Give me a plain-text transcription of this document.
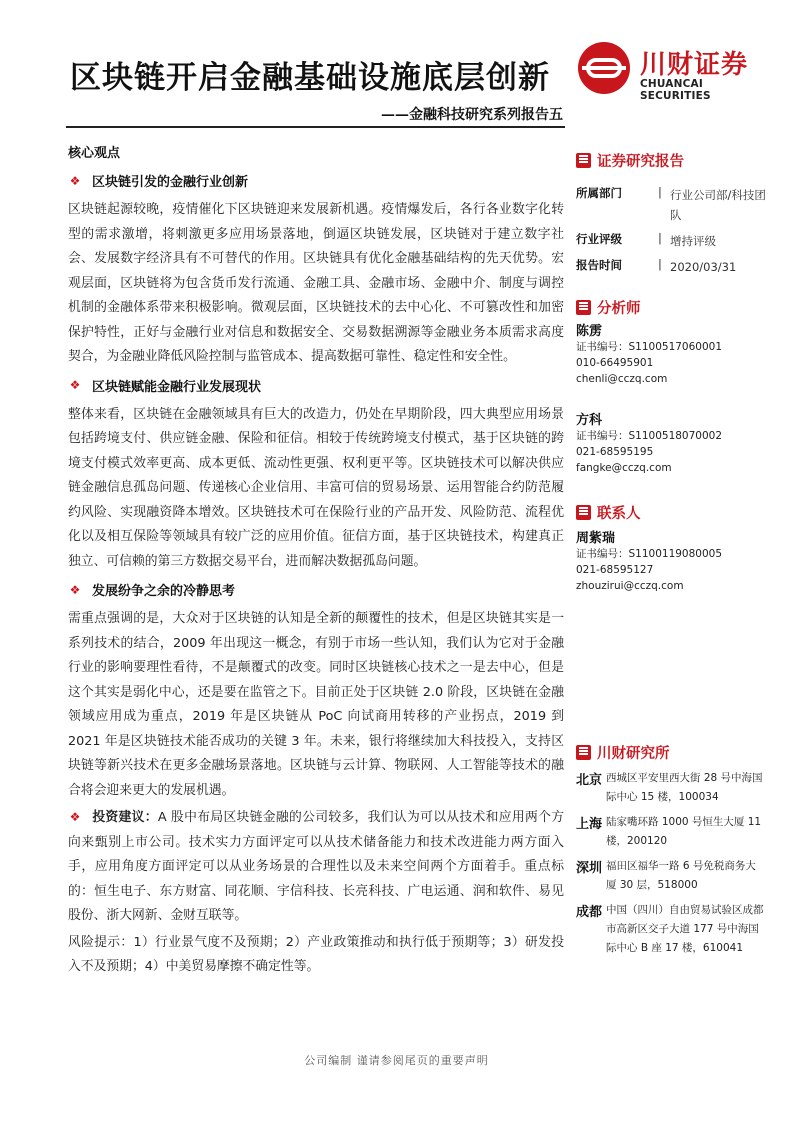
区块链开启金融基础设施底层创新
——金融科技研究系列报告五
川财证券
CHUANCAI SECURITIES
核心观点
❖ 区块链引发的金融行业创新

区块链起源较晚，疫情催化下区块链迎来发展新机遇。疫情爆发后，各行各业数字化转型的需求激增，将刺激更多应用场景落地，倒逼区块链发展，区块链对于建立数字社会、发展数字经济具有不可替代的作用。区块链具有优化金融基础结构的先天优势。宏观层面，区块链将为包含货币发行流通、金融工具、金融市场、金融中介、制度与调控机制的金融体系带来积极影响。微观层面，区块链技术的去中心化、不可篡改性和加密保护特性，正好与金融行业对信息和数据安全、交易数据溯源等金融业务本质需求高度契合，为金融业降低风险控制与监管成本、提高数据可靠性、稳定性和安全性。

❖ 区块链赋能金融行业发展现状

整体来看，区块链在金融领域具有巨大的改造力，仍处在早期阶段，四大典型应用场景包括跨境支付、供应链金融、保险和征信。相较于传统跨境支付模式，基于区块链的跨境支付模式效率更高、成本更低、流动性更强、权利更平等。区块链技术可以解决供应链金融信息孤岛问题、传递核心企业信用、丰富可信的贸易场景、运用智能合约防范履约风险、实现融资降本增效。区块链技术可在保险行业的产品开发、风险防范、流程优化以及相互保险等领域具有较广泛的应用价值。征信方面，基于区块链技术，构建真正独立、可信赖的第三方数据交易平台，进而解决数据孤岛问题。

❖ 发展纷争之余的冷静思考

需重点强调的是，大众对于区块链的认知是全新的颠覆性的技术，但是区块链其实是一系列技术的结合，2009 年出现这一概念，有别于市场一些认知，我们认为它对于金融行业的影响要理性看待，不是颠覆式的改变。同时区块链核心技术之一是去中心，但是这个其实是弱化中心，还是要在监管之下。目前正处于区块链 2.0 阶段，区块链在金融领域应用成为重点，2019 年是区块链从 PoC 向试商用转移的产业拐点，2019 到 2021 年是区块链技术能否成功的关键 3 年。未来，银行将继续加大科技投入，支持区块链等新兴技术在更多金融场景落地。区块链与云计算、物联网、人工智能等技术的融合将会迎来更大的发展机遇。

❖ 投资建议：A 股中布局区块链金融的公司较多，我们认为可以从技术和应用两个方向来甄别上市公司。技术实力方面评定可以从技术储备能力和技术改进能力两方面入手，应用角度方面评定可以从业务场景的合理性以及未来空间两个方面着手。重点标的：恒生电子、东方财富、同花顺、宇信科技、长亮科技、广电运通、润和软件、易见股份、浙大网新、金财互联等。

风险提示：1）行业景气度不及预期；2）产业政策推动和执行低于预期等；3）研发投入不及预期；4）中美贸易摩擦不确定性等。

证券研究报告
所属部门	| 行业公司部/科技团队
行业评级	| 增持评级
报告时间	| 2020/03/31
分析师
陈雳
证书编号：S1100517060001
010-66495901
chenli@cczq.com
方科
证书编号：S1100518070002
021-68595195
fangke@cczq.com
联系人
周紫瑞
证书编号：S1100119080005
021-68595127
zhouzirui@cczq.com
川财研究所
北京 西城区平安里西大街 28 号中海国际中心 15 楼，100034
上海 陆家嘴环路 1000 号恒生大厦 11 楼，200120
深圳 福田区福华一路 6 号免税商务大厦 30 层，518000
成都 中国（四川）自由贸易试验区成都市高新区交子大道 177 号中海国际中心 B 座 17 楼，610041
公司编制 谨请参阅尾页的重要声明
